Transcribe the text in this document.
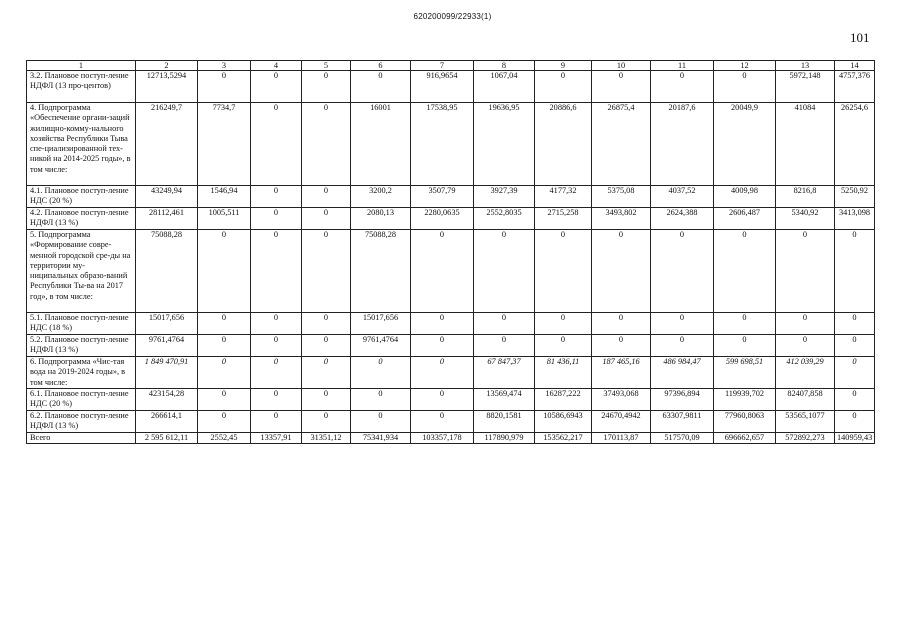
620200099/22933(1)
101
1	2	3	4	5	6	7	8	9	10	11	12	13	14
3.2. Плановое поступ-ление НДФЛ (13 про-центов)	12713,5294	0	0	0	0	916,9654	1067,04	0	0	0	0	5972,148	4757,376
4. Подпрограмма «Обеспечение органи-заций жилищно-комму-нального хозяйства Республики Тыва спе-циализированной тех-никой на 2014-2025 годы», в том числе:	216249,7	7734,7	0	0	16001	17538,95	19636,95	20886,6	26875,4	20187,6	20049,9	41084	26254,6
4.1. Плановое поступ-ление НДС (20 %)	43249,94	1546,94	0	0	3200,2	3507,79	3927,39	4177,32	5375,08	4037,52	4009,98	8216,8	5250,92
4.2. Плановое поступ-ление НДФЛ (13 %)	28112,461	1005,511	0	0	2080,13	2280,0635	2552,8035	2715,258	3493,802	2624,388	2606,487	5340,92	3413,098
5. Подпрограмма «Формирование совре-менной городской сре-ды на территории му-ниципальных образо-ваний Республики Ты-ва на 2017 год», в том числе:	75088,28	0	0	0	75088,28	0	0	0	0	0	0	0	0
5.1. Плановое поступ-ление НДС (18 %)	15017,656	0	0	0	15017,656	0	0	0	0	0	0	0	0
5.2. Плановое поступ-ление НДФЛ (13 %)	9761,4764	0	0	0	9761,4764	0	0	0	0	0	0	0	0
6. Подпрограмма «Чис-тая вода на 2019-2024 годы», в том числе:	1 849 470,91	0	0	0	0	0	67 847,37	81 436,11	187 465,16	486 984,47	599 698,51	412 039,29	0
6.1. Плановое поступ-ление НДС (20 %)	423154,28	0	0	0	0	0	13569,474	16287,222	37493,068	97396,894	119939,702	82407,858	0
6.2. Плановое поступ-ление НДФЛ (13 %)	266614,1	0	0	0	0	0	8820,1581	10586,6943	24670,4942	63307,9811	77960,8063	53565,1077	0
Всего	2 595 612,11	2552,45	13357,91	31351,12	75341,934	103357,178	117890,979	153562,217	170113,87	517570,09	696662,657	572892,273	140959,43
